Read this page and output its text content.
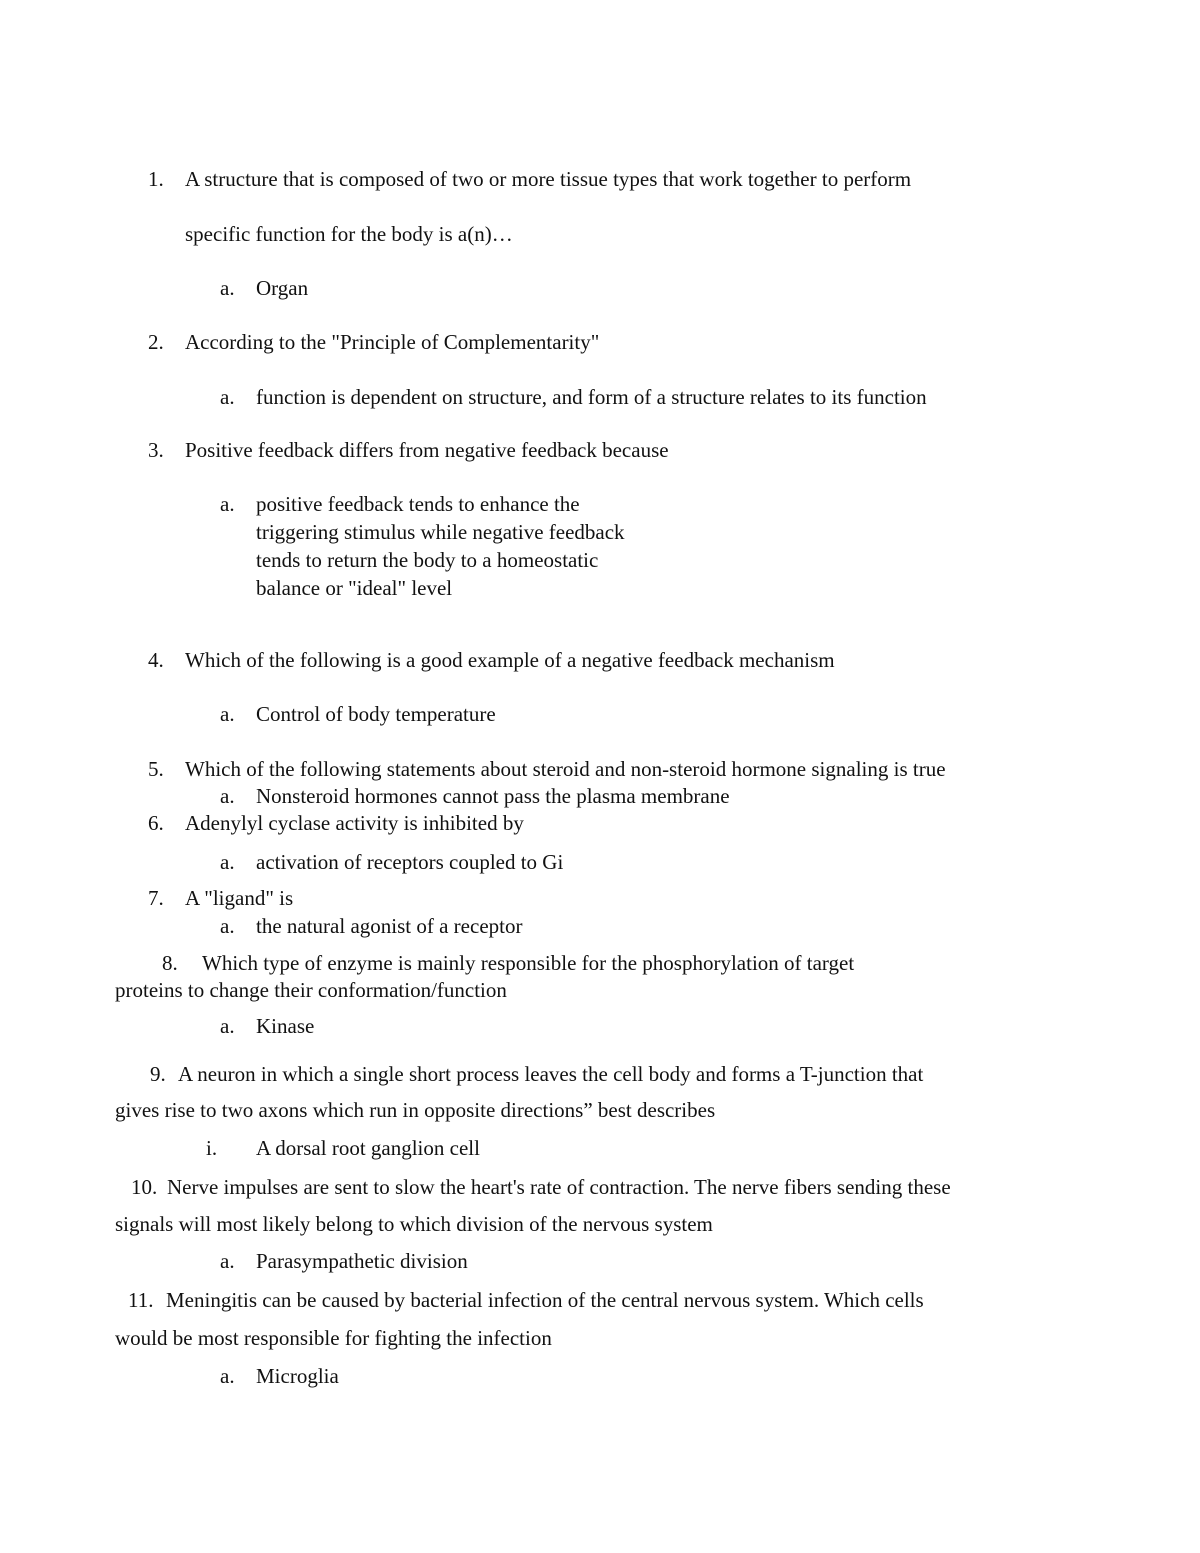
1. A structure that is composed of two or more tissue types that work together to perform
specific function for the body is a(n)…
a. Organ
2. According to the "Principle of Complementarity"
a. function is dependent on structure, and form of a structure relates to its function
3. Positive feedback differs from negative feedback because
a. positive feedback tends to enhance the
triggering stimulus while negative feedback
tends to return the body to a homeostatic
balance or "ideal" level
4. Which of the following is a good example of a negative feedback mechanism
a. Control of body temperature
5. Which of the following statements about steroid and non-steroid hormone signaling is true
a. Nonsteroid hormones cannot pass the plasma membrane
6. Adenylyl cyclase activity is inhibited by
a. activation of receptors coupled to Gi
7. A "ligand" is
a. the natural agonist of a receptor
8. Which type of enzyme is mainly responsible for the phosphorylation of target
proteins to change their conformation/function
a. Kinase
9. A neuron in which a single short process leaves the cell body and forms a T-junction that
gives rise to two axons which run in opposite directions” best describes
i. A dorsal root ganglion cell
10. Nerve impulses are sent to slow the heart's rate of contraction. The nerve fibers sending these
signals will most likely belong to which division of the nervous system
a. Parasympathetic division
11. Meningitis can be caused by bacterial infection of the central nervous system. Which cells
would be most responsible for fighting the infection
a. Microglia
